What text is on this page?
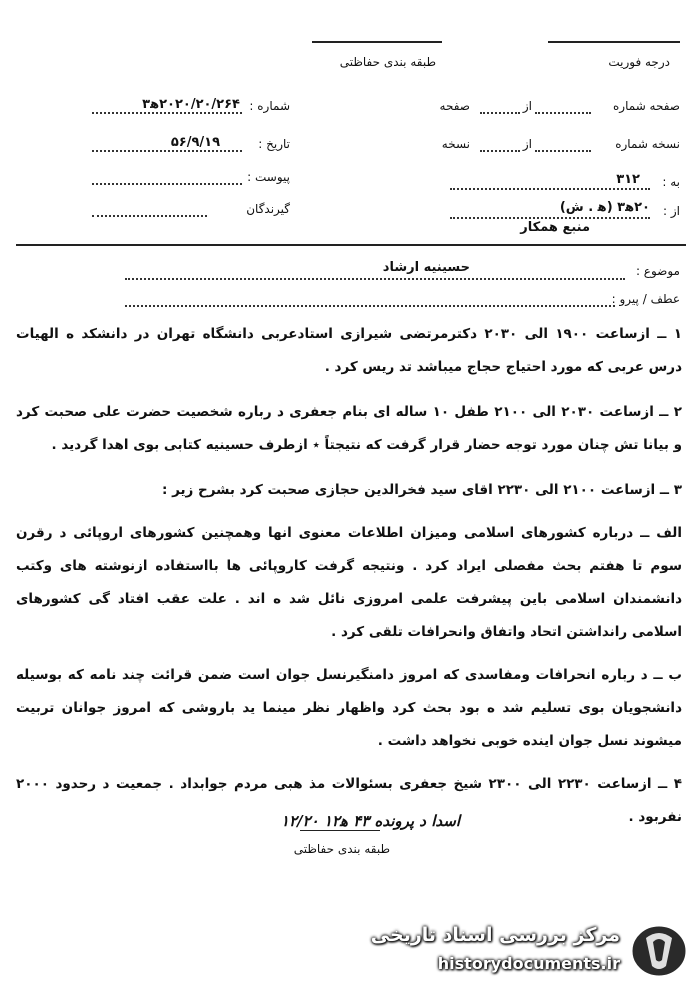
درجه فوریت
طبقه بندی حفاظتی
صفحه شماره
از
صفحه
نسخه شماره
از
نسخه
به :
۳۱۲
از :
۲۰ه‍۳ (ه‍ . ش)
منبع همکار
شماره :
۲۰۲۰/۲۰/۲۶۴ه‍۳
تاریخ :
۵۶/۹/۱۹
پیوست :
گیرندگان
موضوع :
حسینیه ارشاد
عطف / پیرو :

۱ ــ ازساعت ۱۹۰۰ الی ۲۰۳۰ دکترمرتضی شیرازی استادعربی دانشگاه تهران در دانشکد ه الهیات درس عربی که مورد احتیاج حجاج میباشد تد ریس کرد .

۲ ــ ازساعت ۲۰۳۰ الی ۲۱۰۰ طفل ۱۰ ساله ای بنام جعفری د رباره شخصیت حضرت علی صحبت کرد و بیانا تش چنان مورد توجه حضار قرار گرفت که نتیجتاً ٭ ازطرف حسینیه کتابی بوی اهدا گردید .

۳ ــ ازساعت ۲۱۰۰ الی ۲۲۳۰ اقای سید فخرالدین حجازی صحبت کرد بشرح زیر :

الف ــ درباره کشورهای اسلامی ومیزان اطلاعات معنوی انها وهمچنین کشورهای اروپائی د رقرن سوم تا هفتم بحث مفصلی ایراد کرد . ونتیجه گرفت کاروپائی ها بااستفاده ازنوشته های وکتب دانشمندان اسلامی باین پیشرفت علمی امروزی نائل شد ه اند . علت عقب افتاد گی کشورهای اسلامی رانداشتن اتحاد واتفاق وانحرافات تلقی کرد .

ب ــ د رباره انحرافات ومفاسدی که امروز دامنگیرنسل جوان است ضمن قرائت چند نامه که بوسیله دانشجویان بوی تسلیم شد ه بود بحث کرد واظهار نظر مینما ید باروشی که امروز جوانان تربیت میشوند نسل جوان اینده خوبی نخواهد داشت .

۴ ــ ازساعت ۲۲۳۰ الی ۲۳۰۰ شیخ جعفری بسئوالات مذ هبی مردم جوابداد . جمعیت د رحدود ۲۰۰۰ نفربود .

اسدا د پرونده ۴۳ ه‍۱۲ ۱۲/۲۰
طبقه بندی حفاظتی
مرکز بررسی اسناد تاریخی
historydocuments.ir
